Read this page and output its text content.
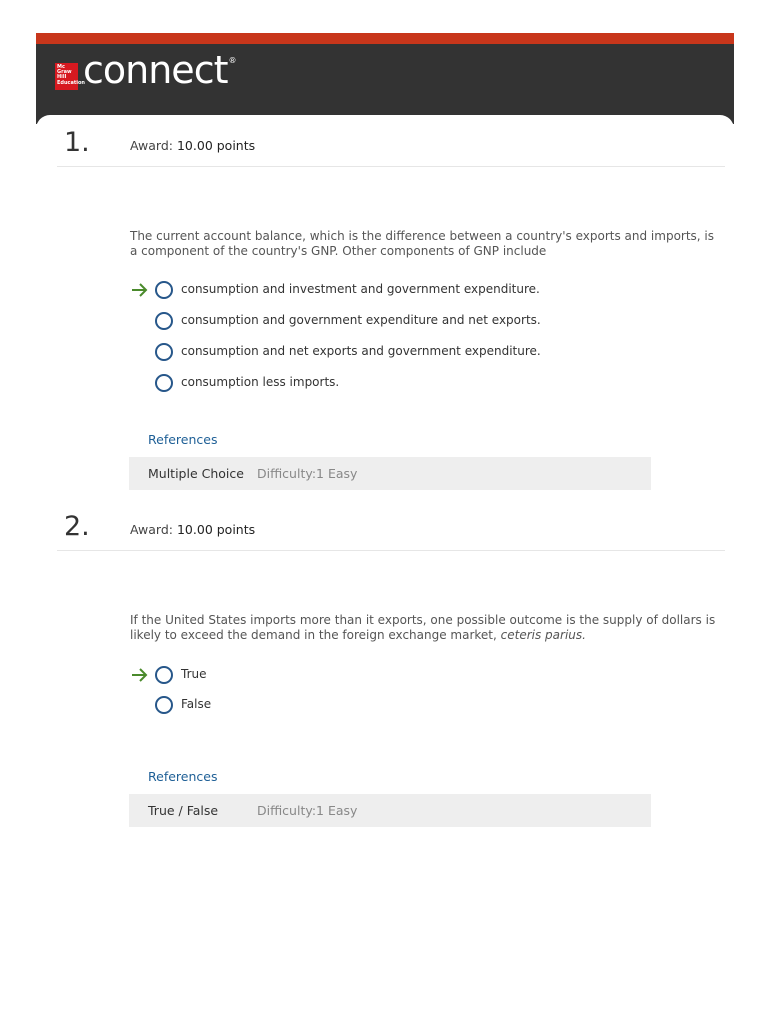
Mc Graw Hill Education
connect®
1.	Award: 10.00 points
The current account balance, which is the difference between a country's exports and imports, is a component of the country's GNP. Other components of GNP include
consumption and investment and government expenditure.
consumption and government expenditure and net exports.
consumption and net exports and government expenditure.
consumption less imports.
References
Multiple Choice Difficulty:1 Easy
2.	Award: 10.00 points
If the United States imports more than it exports, one possible outcome is the supply of dollars is likely to exceed the demand in the foreign exchange market, ceteris parius.
True
False
References
True / False	Difficulty:1 Easy
